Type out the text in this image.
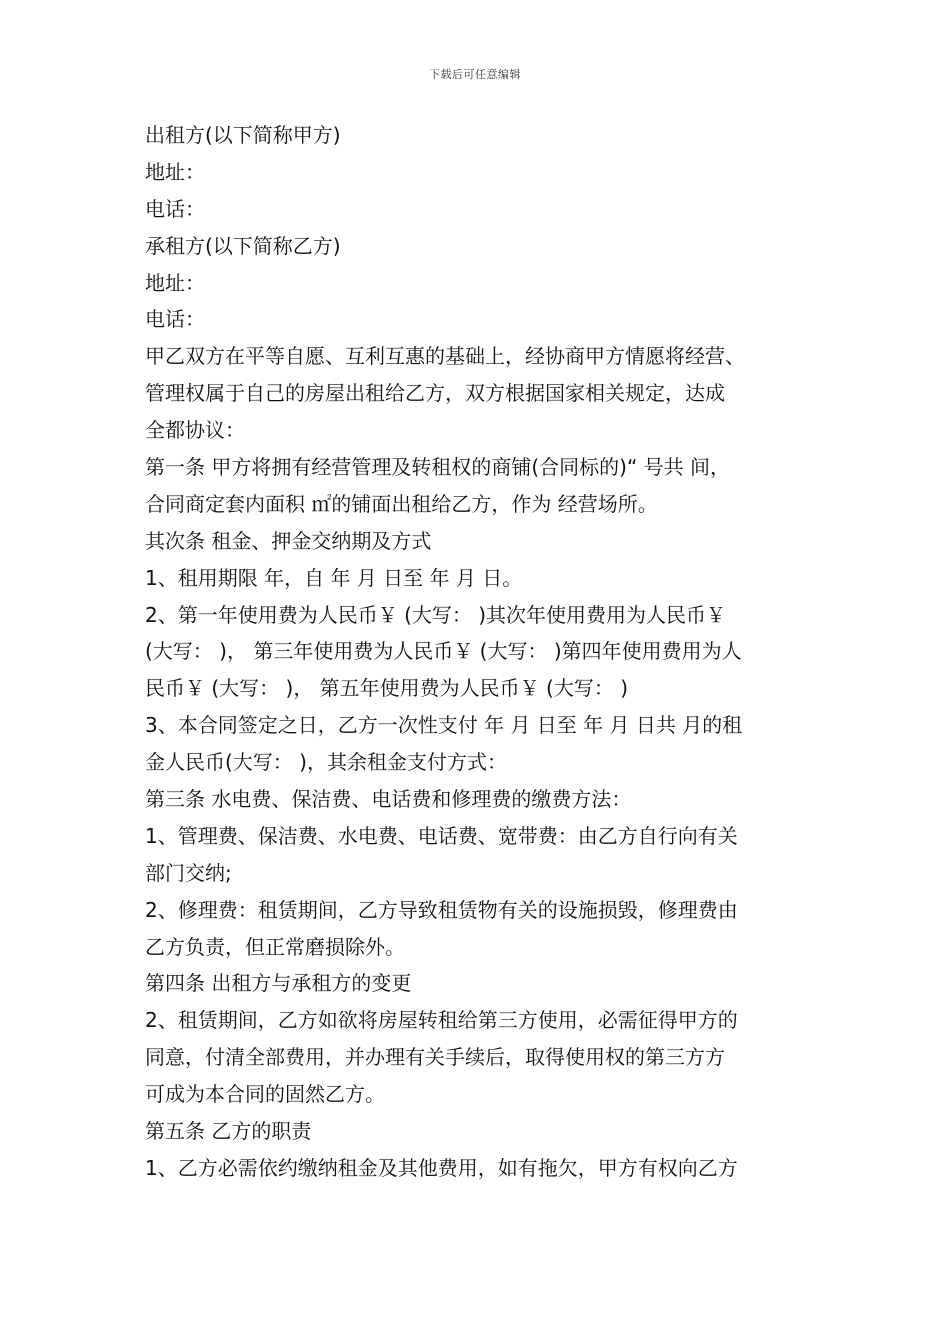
下载后可任意编辑

出租方(以下简称甲方)

地址：

电话：

承租方(以下简称乙方)

地址：

电话：

甲乙双方在平等自愿、互利互惠的基础上，经协商甲方情愿将经营、

管理权属于自己的房屋出租给乙方，双方根据国家相关规定，达成

全都协议：

第一条 甲方将拥有经营管理及转租权的商铺(合同标的)“ 号共 间，

合同商定套内面积 ㎡的铺面出租给乙方，作为 经营场所。

其次条 租金、押金交纳期及方式

1、租用期限 年，自 年 月 日至 年 月 日。

2、第一年使用费为人民币￥ (大写： )其次年使用费用为人民币￥

(大写： )， 第三年使用费为人民币￥ (大写： )第四年使用费用为人

民币￥ (大写： )， 第五年使用费为人民币￥ (大写： )

3、本合同签定之日，乙方一次性支付 年 月 日至 年 月 日共 月的租

金人民币(大写： )，其余租金支付方式：

第三条 水电费、保洁费、电话费和修理费的缴费方法：

1、管理费、保洁费、水电费、电话费、宽带费：由乙方自行向有关

部门交纳;

2、修理费：租赁期间，乙方导致租赁物有关的设施损毁，修理费由

乙方负责，但正常磨损除外。

第四条 出租方与承租方的变更

2、租赁期间，乙方如欲将房屋转租给第三方使用，必需征得甲方的

同意，付清全部费用，并办理有关手续后，取得使用权的第三方方

可成为本合同的固然乙方。

第五条 乙方的职责

1、乙方必需依约缴纳租金及其他费用，如有拖欠，甲方有权向乙方
